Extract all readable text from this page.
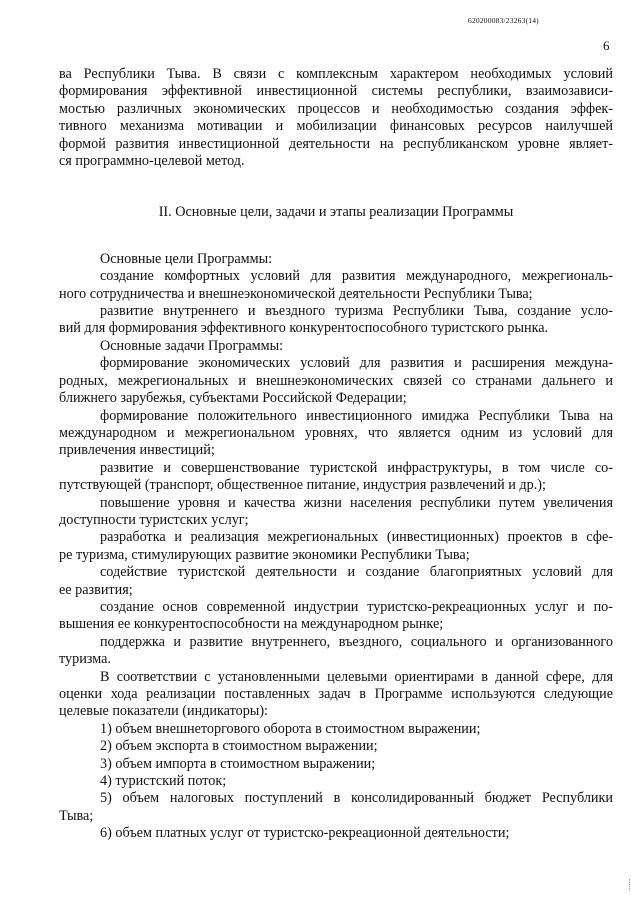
620200083/23263(14)
6

ва Республики Тыва. В связи с комплексным характером необходимых условий

формирования эффективной инвестиционной системы республики, взаимозависи-

мостью различных экономических процессов и необходимостью создания эффек-

тивного механизма мотивации и мобилизации финансовых ресурсов наилучшей

формой развития инвестиционной деятельности на республиканском уровне являет-

ся программно-целевой метод.

II. Основные цели, задачи и этапы реализации Программы

Основные цели Программы:

создание комфортных условий для развития международного, межрегиональ-

ного сотрудничества и внешнеэкономической деятельности Республики Тыва;

развитие внутреннего и въездного туризма Республики Тыва, создание усло-

вий для формирования эффективного конкурентоспособного туристского рынка.

Основные задачи Программы:

формирование экономических условий для развития и расширения междуна-

родных, межрегиональных и внешнеэкономических связей со странами дальнего и

ближнего зарубежья, субъектами Российской Федерации;

формирование положительного инвестиционного имиджа Республики Тыва на

международном и межрегиональном уровнях, что является одним из условий для

привлечения инвестиций;

развитие и совершенствование туристской инфраструктуры, в том числе со-

путствующей (транспорт, общественное питание, индустрия развлечений и др.);

повышение уровня и качества жизни населения республики путем увеличения

доступности туристских услуг;

разработка и реализация межрегиональных (инвестиционных) проектов в сфе-

ре туризма, стимулирующих развитие экономики Республики Тыва;

содействие туристской деятельности и создание благоприятных условий для

ее развития;

создание основ современной индустрии туристско-рекреационных услуг и по-

вышения ее конкурентоспособности на международном рынке;

поддержка и развитие внутреннего, въездного, социального и организованного

туризма.

В соответствии с установленными целевыми ориентирами в данной сфере, для

оценки хода реализации поставленных задач в Программе используются следующие

целевые показатели (индикаторы):

1) объем внешнеторгового оборота в стоимостном выражении;

2) объем экспорта в стоимостном выражении;

3) объем импорта в стоимостном выражении;

4) туристский поток;

5) объем налоговых поступлений в консолидированный бюджет Республики

Тыва;

6) объем платных услуг от туристско-рекреационной деятельности;
